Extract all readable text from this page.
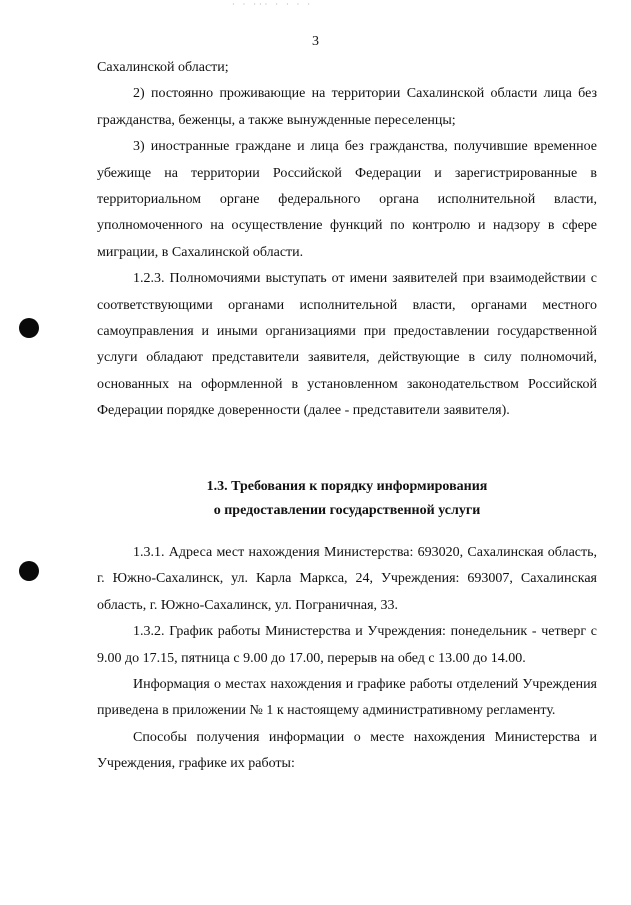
· · ··· · · · ·
3

Сахалинской области;

2) постоянно проживающие на территории Сахалинской области лица без гражданства, беженцы, а также вынужденные переселенцы;

3) иностранные граждане и лица без гражданства, получившие временное убежище на территории Российской Федерации и зарегистрированные в территориальном органе федерального органа исполнительной власти, уполномоченного на осуществление функций по контролю и надзору в сфере миграции, в Сахалинской области.

1.2.3. Полномочиями выступать от имени заявителей при взаимодействии с соответствующими органами исполнительной власти, органами местного самоуправления и иными организациями при предоставлении государственной услуги обладают представители заявителя, действующие в силу полномочий, основанных на оформленной в установленном законодательством Российской Федерации порядке доверенности (далее - представители заявителя).

1.3. Требования к порядку информирования
о предоставлении государственной услуги

1.3.1. Адреса мест нахождения Министерства: 693020, Сахалинская область, г. Южно-Сахалинск, ул. Карла Маркса, 24, Учреждения: 693007, Сахалинская область, г. Южно-Сахалинск, ул. Пограничная, 33.

1.3.2. График работы Министерства и Учреждения: понедельник - четверг с 9.00 до 17.15, пятница с 9.00 до 17.00, перерыв на обед с 13.00 до 14.00.

Информация о местах нахождения и графике работы отделений Учреждения приведена в приложении № 1 к настоящему административному регламенту.

Способы получения информации о месте нахождения Министерства и Учреждения, графике их работы:
